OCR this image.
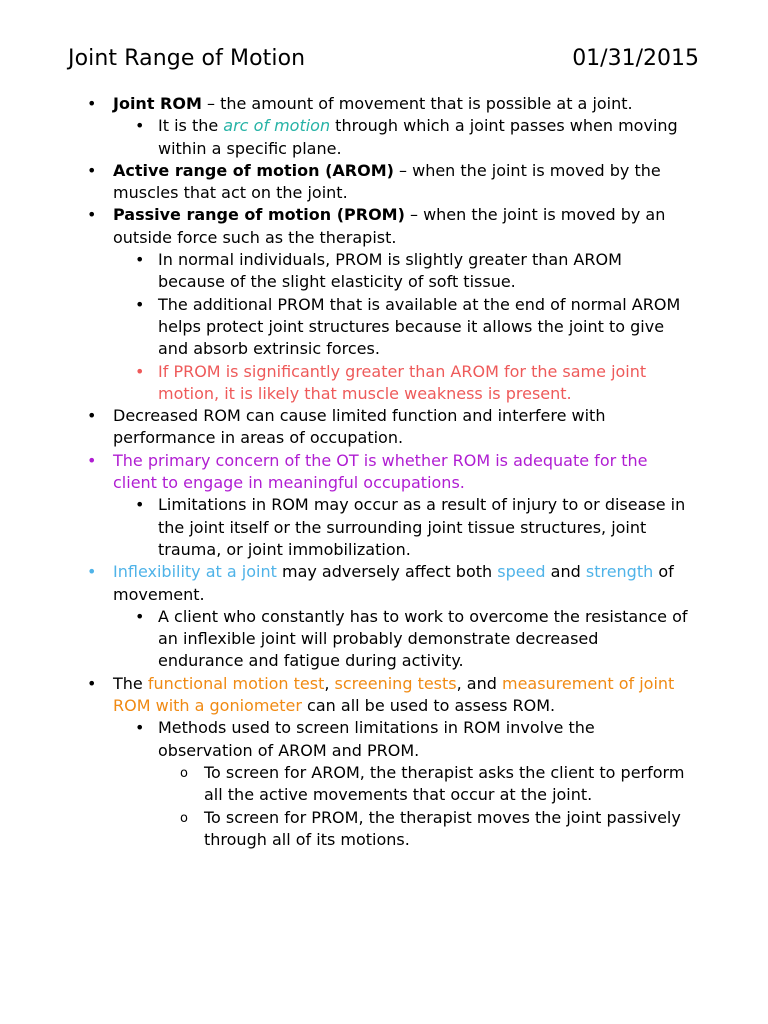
Joint Range of Motion	01/31/2015
• Joint ROM – the amount of movement that is possible at a joint.
• It is the arc of motion through which a joint passes when moving within a specific plane.
• Active range of motion (AROM) – when the joint is moved by the muscles that act on the joint.
• Passive range of motion (PROM) – when the joint is moved by an outside force such as the therapist.
• In normal individuals, PROM is slightly greater than AROM because of the slight elasticity of soft tissue.
• The additional PROM that is available at the end of normal AROM helps protect joint structures because it allows the joint to give and absorb extrinsic forces.
• If PROM is significantly greater than AROM for the same joint motion, it is likely that muscle weakness is present.
• Decreased ROM can cause limited function and interfere with performance in areas of occupation.
• The primary concern of the OT is whether ROM is adequate for the client to engage in meaningful occupations.
• Limitations in ROM may occur as a result of injury to or disease in the joint itself or the surrounding joint tissue structures, joint trauma, or joint immobilization.
• Inflexibility at a joint may adversely affect both speed and strength of movement.
• A client who constantly has to work to overcome the resistance of an inflexible joint will probably demonstrate decreased endurance and fatigue during activity.
• The functional motion test, screening tests, and measurement of joint ROM with a goniometer can all be used to assess ROM.
• Methods used to screen limitations in ROM involve the observation of AROM and PROM.
o To screen for AROM, the therapist asks the client to perform all the active movements that occur at the joint.
o To screen for PROM, the therapist moves the joint passively through all of its motions.
